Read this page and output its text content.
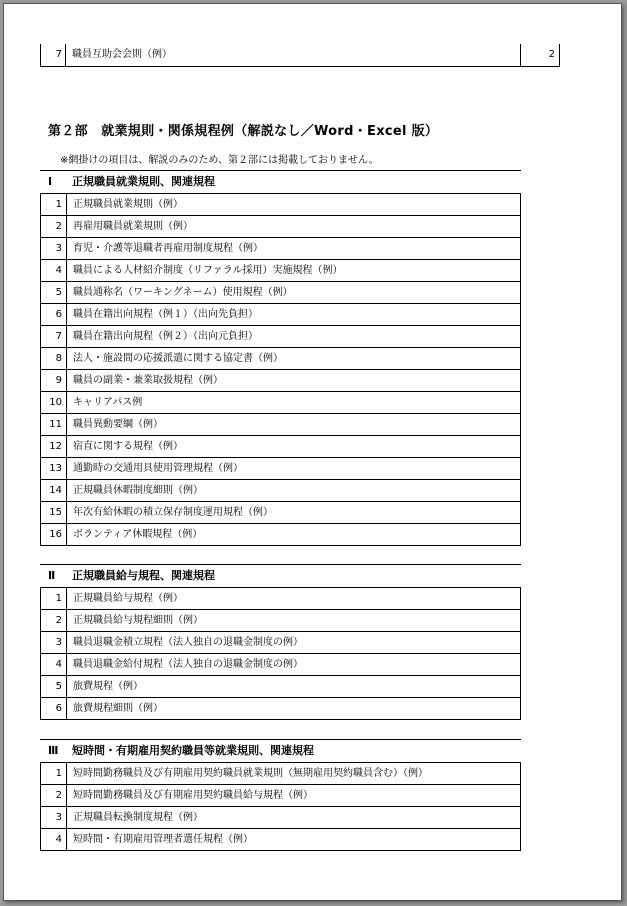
7	職員互助会会則（例）	2
第２部　就業規則・関係規程例（解説なし／Word・Excel 版）
※網掛けの項目は、解説のみのため、第２部には掲載しておりません。
Ⅰ 正規職員就業規則、関連規程
1	正規職員就業規則（例）
2	再雇用職員就業規則（例）
3	育児・介護等退職者再雇用制度規程（例）
4	職員による人材紹介制度（リファラル採用）実施規程（例）
5	職員通称名（ワーキングネーム）使用規程（例）
6	職員在籍出向規程（例１）（出向先負担）
7	職員在籍出向規程（例２）（出向元負担）
8	法人・施設間の応援派遣に関する協定書（例）
9	職員の副業・兼業取扱規程（例）
10	キャリアパス例
11	職員異動要綱（例）
12	宿直に関する規程（例）
13	通勤時の交通用具使用管理規程（例）
14	正規職員休暇制度細則（例）
15	年次有給休暇の積立保存制度運用規程（例）
16	ボランティア休暇規程（例）
Ⅱ 正規職員給与規程、関連規程
1	正規職員給与規程（例）
2	正規職員給与規程細則（例）
3	職員退職金積立規程（法人独自の退職金制度の例）
4	職員退職金給付規程（法人独自の退職金制度の例）
5	旅費規程（例）
6	旅費規程細則（例）
Ⅲ 短時間・有期雇用契約職員等就業規則、関連規程
1	短時間勤務職員及び有期雇用契約職員就業規則（無期雇用契約職員含む）（例）
2	短時間勤務職員及び有期雇用契約職員給与規程（例）
3	正規職員転換制度規程（例）
4	短時間・有期雇用管理者選任規程（例）
